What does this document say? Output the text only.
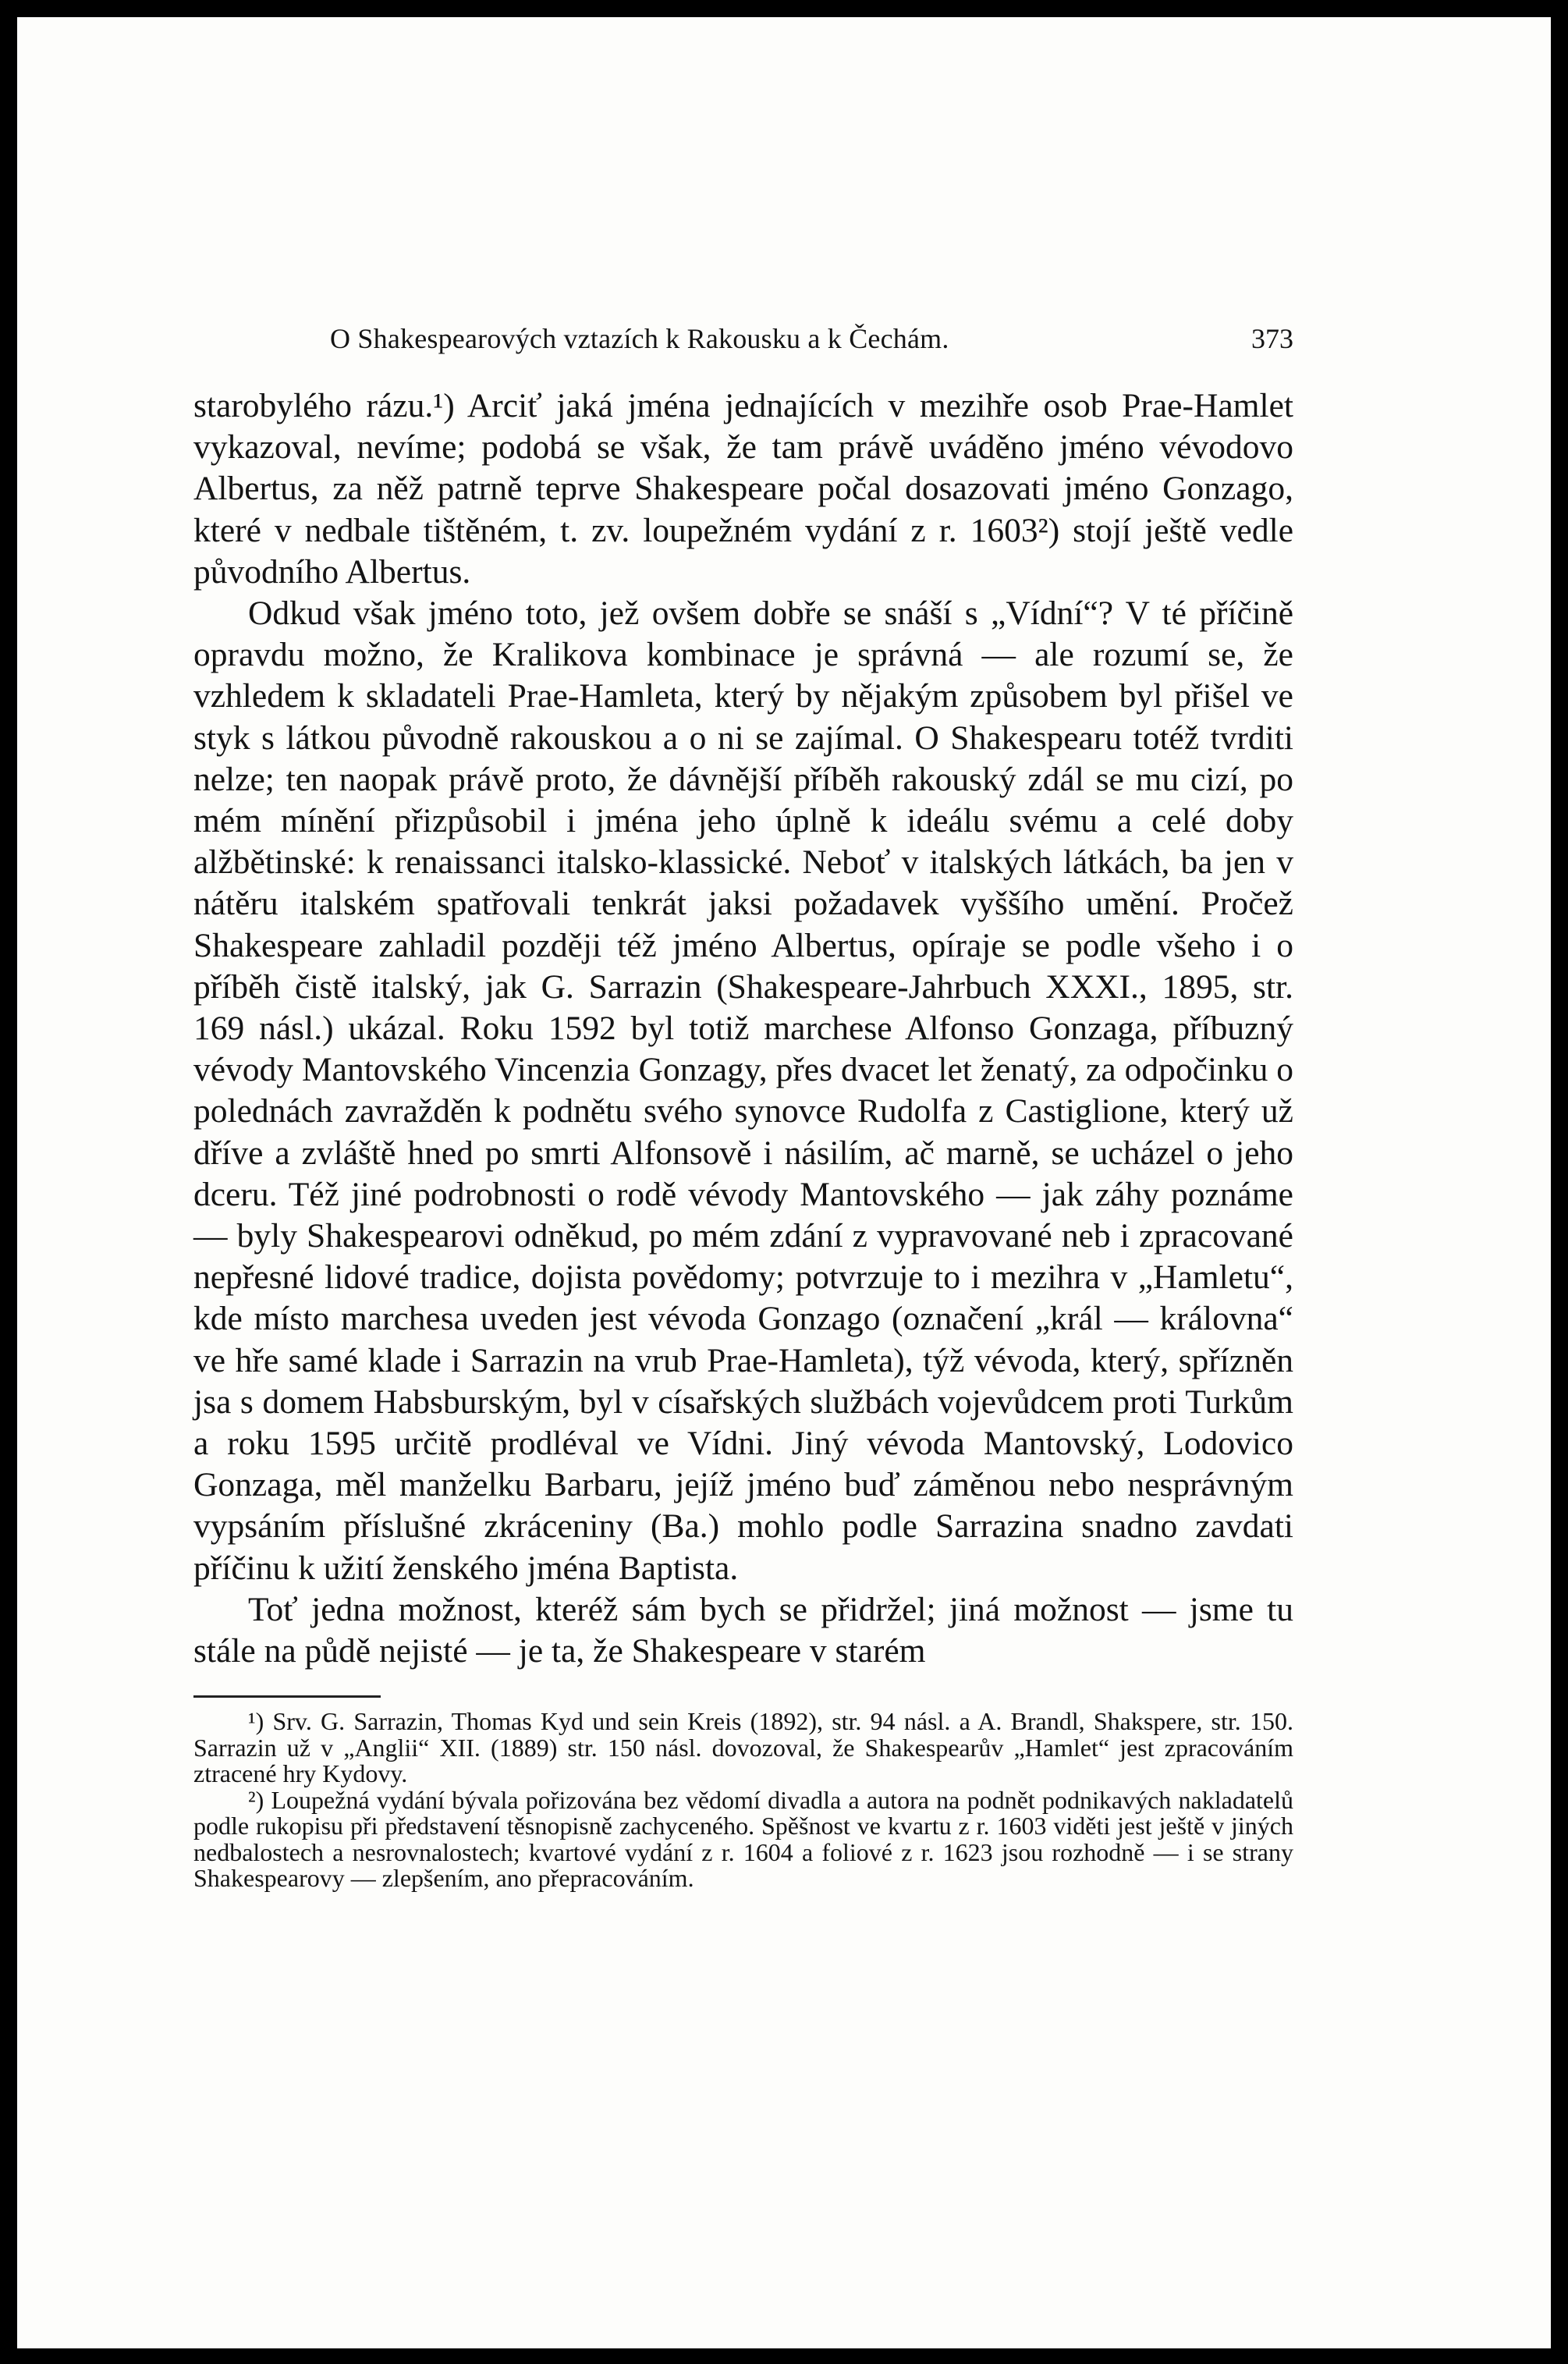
O Shakespearových vztazích k Rakousku a k Čechám.	373

starobylého rázu.¹) Arciť jaká jména jednajících v mezihře osob Prae-Hamlet vykazoval, nevíme; podobá se však, že tam právě uváděno jméno vévodovo Albertus, za něž patrně teprve Shakespeare počal dosazovati jméno Gonzago, které v nedbale tištěném, t. zv. loupežném vydání z r. 1603²) stojí ještě vedle původního Albertus.

Odkud však jméno toto, jež ovšem dobře se snáší s „Vídní“? V té příčině opravdu možno, že Kralikova kombinace je správná — ale rozumí se, že vzhledem k skladateli Prae-Hamleta, který by nějakým způsobem byl přišel ve styk s látkou původně rakouskou a o ni se zajímal. O Shakespearu totéž tvrditi nelze; ten naopak právě proto, že dávnější příběh rakouský zdál se mu cizí, po mém mínění přizpůsobil i jména jeho úplně k ideálu svému a celé doby alžbětinské: k renaissanci italsko-klassické. Neboť v italských látkách, ba jen v nátěru italském spatřovali tenkrát jaksi požadavek vyššího umění. Pročež Shakespeare zahladil později též jméno Albertus, opíraje se podle všeho i o příběh čistě italský, jak G. Sarrazin (Shakespeare-Jahrbuch XXXI., 1895, str. 169 násl.) ukázal. Roku 1592 byl totiž marchese Alfonso Gonzaga, příbuzný vévody Mantovského Vincenzia Gonzagy, přes dvacet let ženatý, za odpočinku o polednách zavražděn k podnětu svého synovce Rudolfa z Castiglione, který už dříve a zvláště hned po smrti Alfonsově i násilím, ač marně, se ucházel o jeho dceru. Též jiné podrobnosti o rodě vévody Mantovského — jak záhy poznáme — byly Shakespearovi odněkud, po mém zdání z vypravované neb i zpracované nepřesné lidové tradice, dojista povědomy; potvrzuje to i mezihra v „Hamletu“, kde místo marchesa uveden jest vévoda Gonzago (označení „král — královna“ ve hře samé klade i Sarrazin na vrub Prae-Hamleta), týž vévoda, který, spřízněn jsa s domem Habsburským, byl v císařských službách vojevůdcem proti Turkům a roku 1595 určitě prodléval ve Vídni. Jiný vévoda Mantovský, Lodovico Gonzaga, měl manželku Barbaru, jejíž jméno buď záměnou nebo nesprávným vypsáním příslušné zkráceniny (Ba.) mohlo podle Sarrazina snadno zavdati příčinu k užití ženského jména Baptista.

Toť jedna možnost, kteréž sám bych se přidržel; jiná možnost — jsme tu stále na půdě nejisté — je ta, že Shakespeare v starém

¹) Srv. G. Sarrazin, Thomas Kyd und sein Kreis (1892), str. 94 násl. a A. Brandl, Shakspere, str. 150. Sarrazin už v „Anglii“ XII. (1889) str. 150 násl. dovozoval, že Shakespearův „Hamlet“ jest zpracováním ztracené hry Kydovy.

²) Loupežná vydání bývala pořizována bez vědomí divadla a autora na podnět podnikavých nakladatelů podle rukopisu při představení těsnopisně zachyceného. Spěšnost ve kvartu z r. 1603 viděti jest ještě v jiných nedbalostech a nesrovnalostech; kvartové vydání z r. 1604 a foliové z r. 1623 jsou rozhodně — i se strany Shakespearovy — zlepšením, ano přepracováním.
